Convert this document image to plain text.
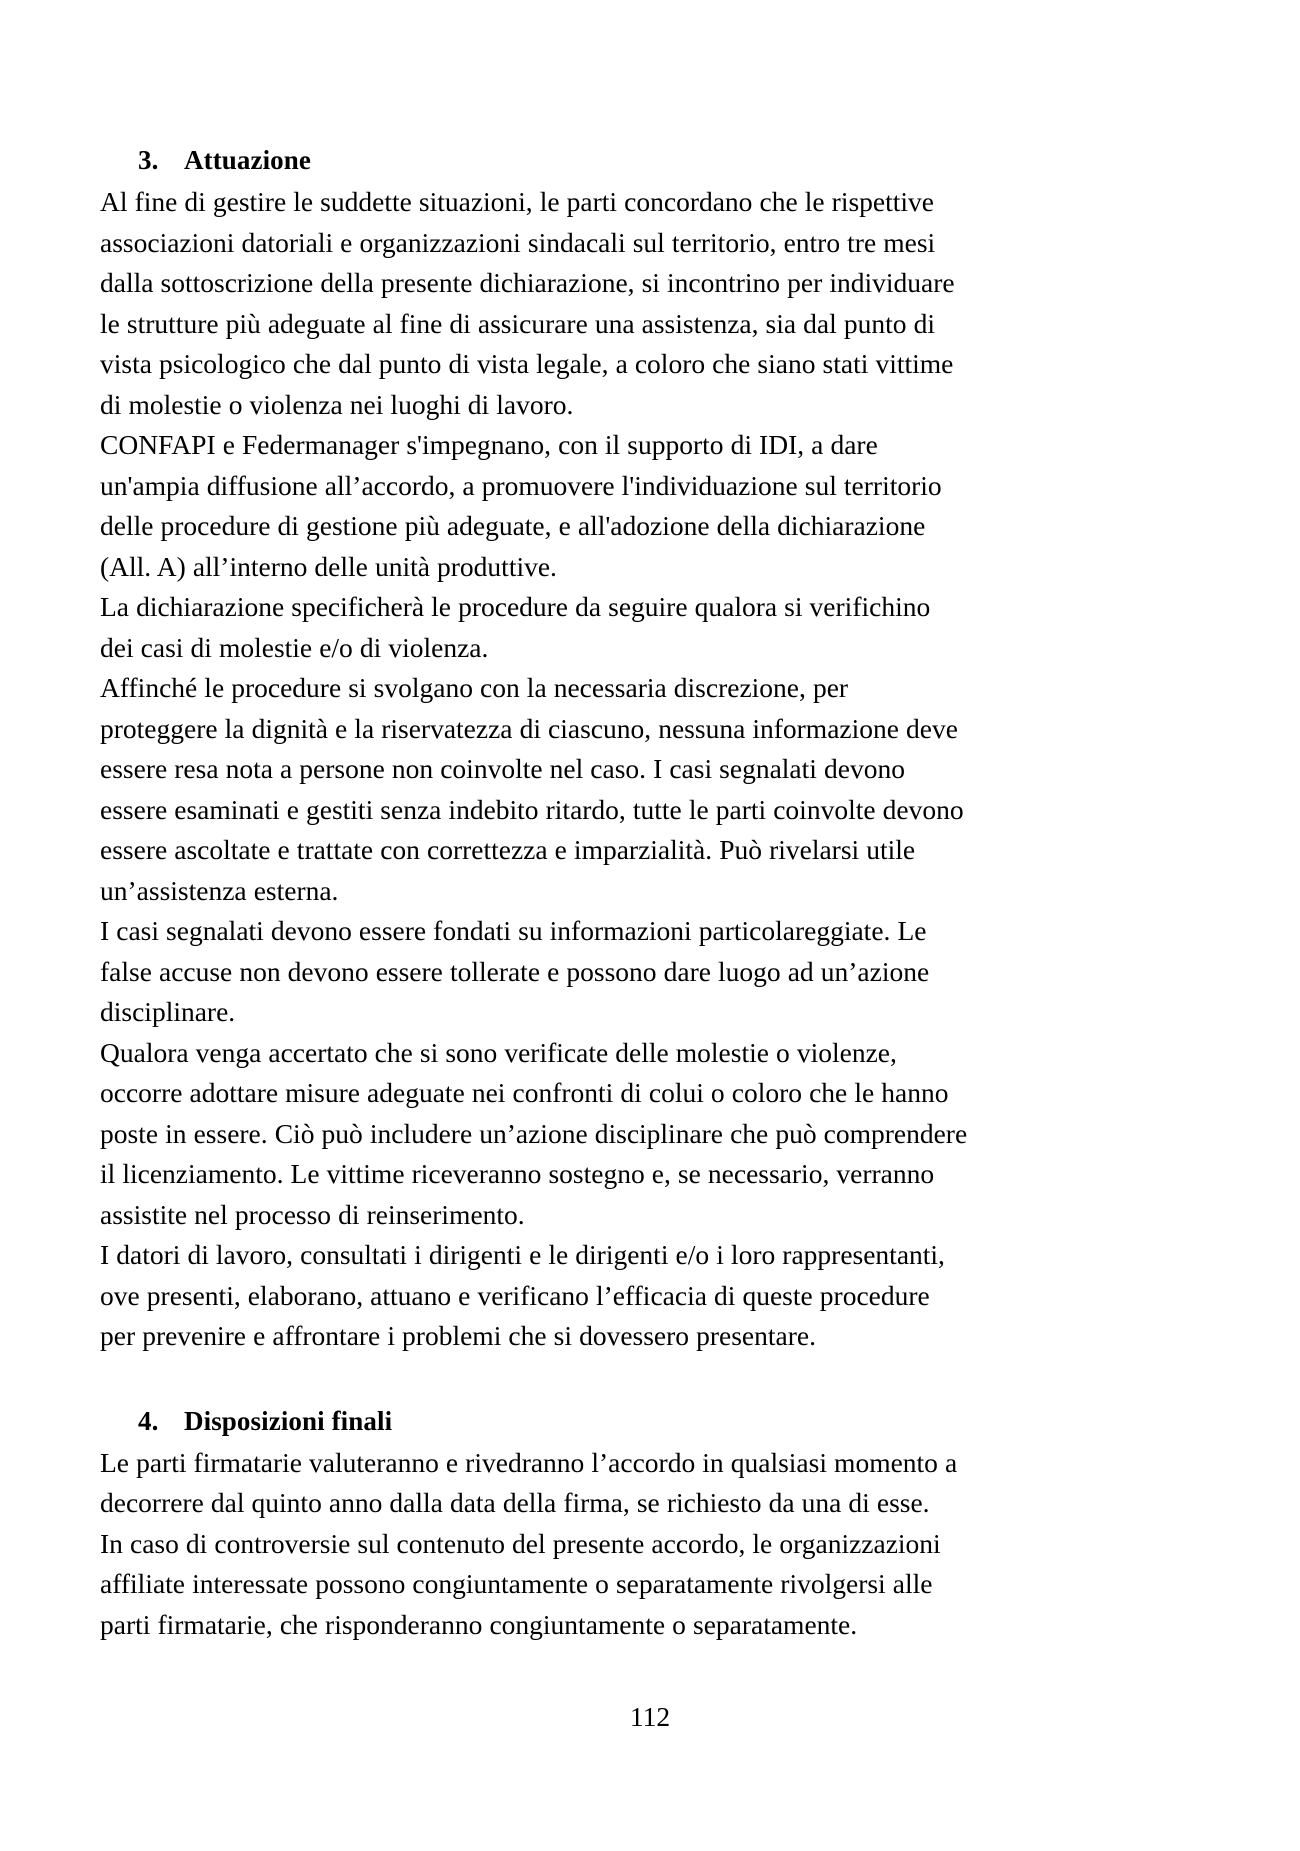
3. Attuazione

Al fine di gestire le suddette situazioni, le parti concordano che le rispettive associazioni datoriali e organizzazioni sindacali sul territorio, entro tre mesi dalla sottoscrizione della presente dichiarazione, si incontrino per individuare le strutture più adeguate al fine di assicurare una assistenza, sia dal punto di vista psicologico che dal punto di vista legale, a coloro che siano stati vittime di molestie o violenza nei luoghi di lavoro.

CONFAPI e Federmanager s'impegnano, con il supporto di IDI, a dare un'ampia diffusione all’accordo, a promuovere l'individuazione sul territorio delle procedure di gestione più adeguate, e all'adozione della dichiarazione (All. A) all’interno delle unità produttive.

La dichiarazione specificherà le procedure da seguire qualora si verifichino dei casi di molestie e/o di violenza.

Affinché le procedure si svolgano con la necessaria discrezione, per proteggere la dignità e la riservatezza di ciascuno, nessuna informazione deve essere resa nota a persone non coinvolte nel caso. I casi segnalati devono essere esaminati e gestiti senza indebito ritardo, tutte le parti coinvolte devono essere ascoltate e trattate con correttezza e imparzialità. Può rivelarsi utile un’assistenza esterna.

I casi segnalati devono essere fondati su informazioni particolareggiate. Le false accuse non devono essere tollerate e possono dare luogo ad un’azione disciplinare.

Qualora venga accertato che si sono verificate delle molestie o violenze, occorre adottare misure adeguate nei confronti di colui o coloro che le hanno poste in essere. Ciò può includere un’azione disciplinare che può comprendere il licenziamento. Le vittime riceveranno sostegno e, se necessario, verranno assistite nel processo di reinserimento.

I datori di lavoro, consultati i dirigenti e le dirigenti e/o i loro rappresentanti, ove presenti, elaborano, attuano e verificano l’efficacia di queste procedure per prevenire e affrontare i problemi che si dovessero presentare.

4. Disposizioni finali

Le parti firmatarie valuteranno e rivedranno l’accordo in qualsiasi momento a decorrere dal quinto anno dalla data della firma, se richiesto da una di esse.

In caso di controversie sul contenuto del presente accordo, le organizzazioni affiliate interessate possono congiuntamente o separatamente rivolgersi alle parti firmatarie, che risponderanno congiuntamente o separatamente.

112
